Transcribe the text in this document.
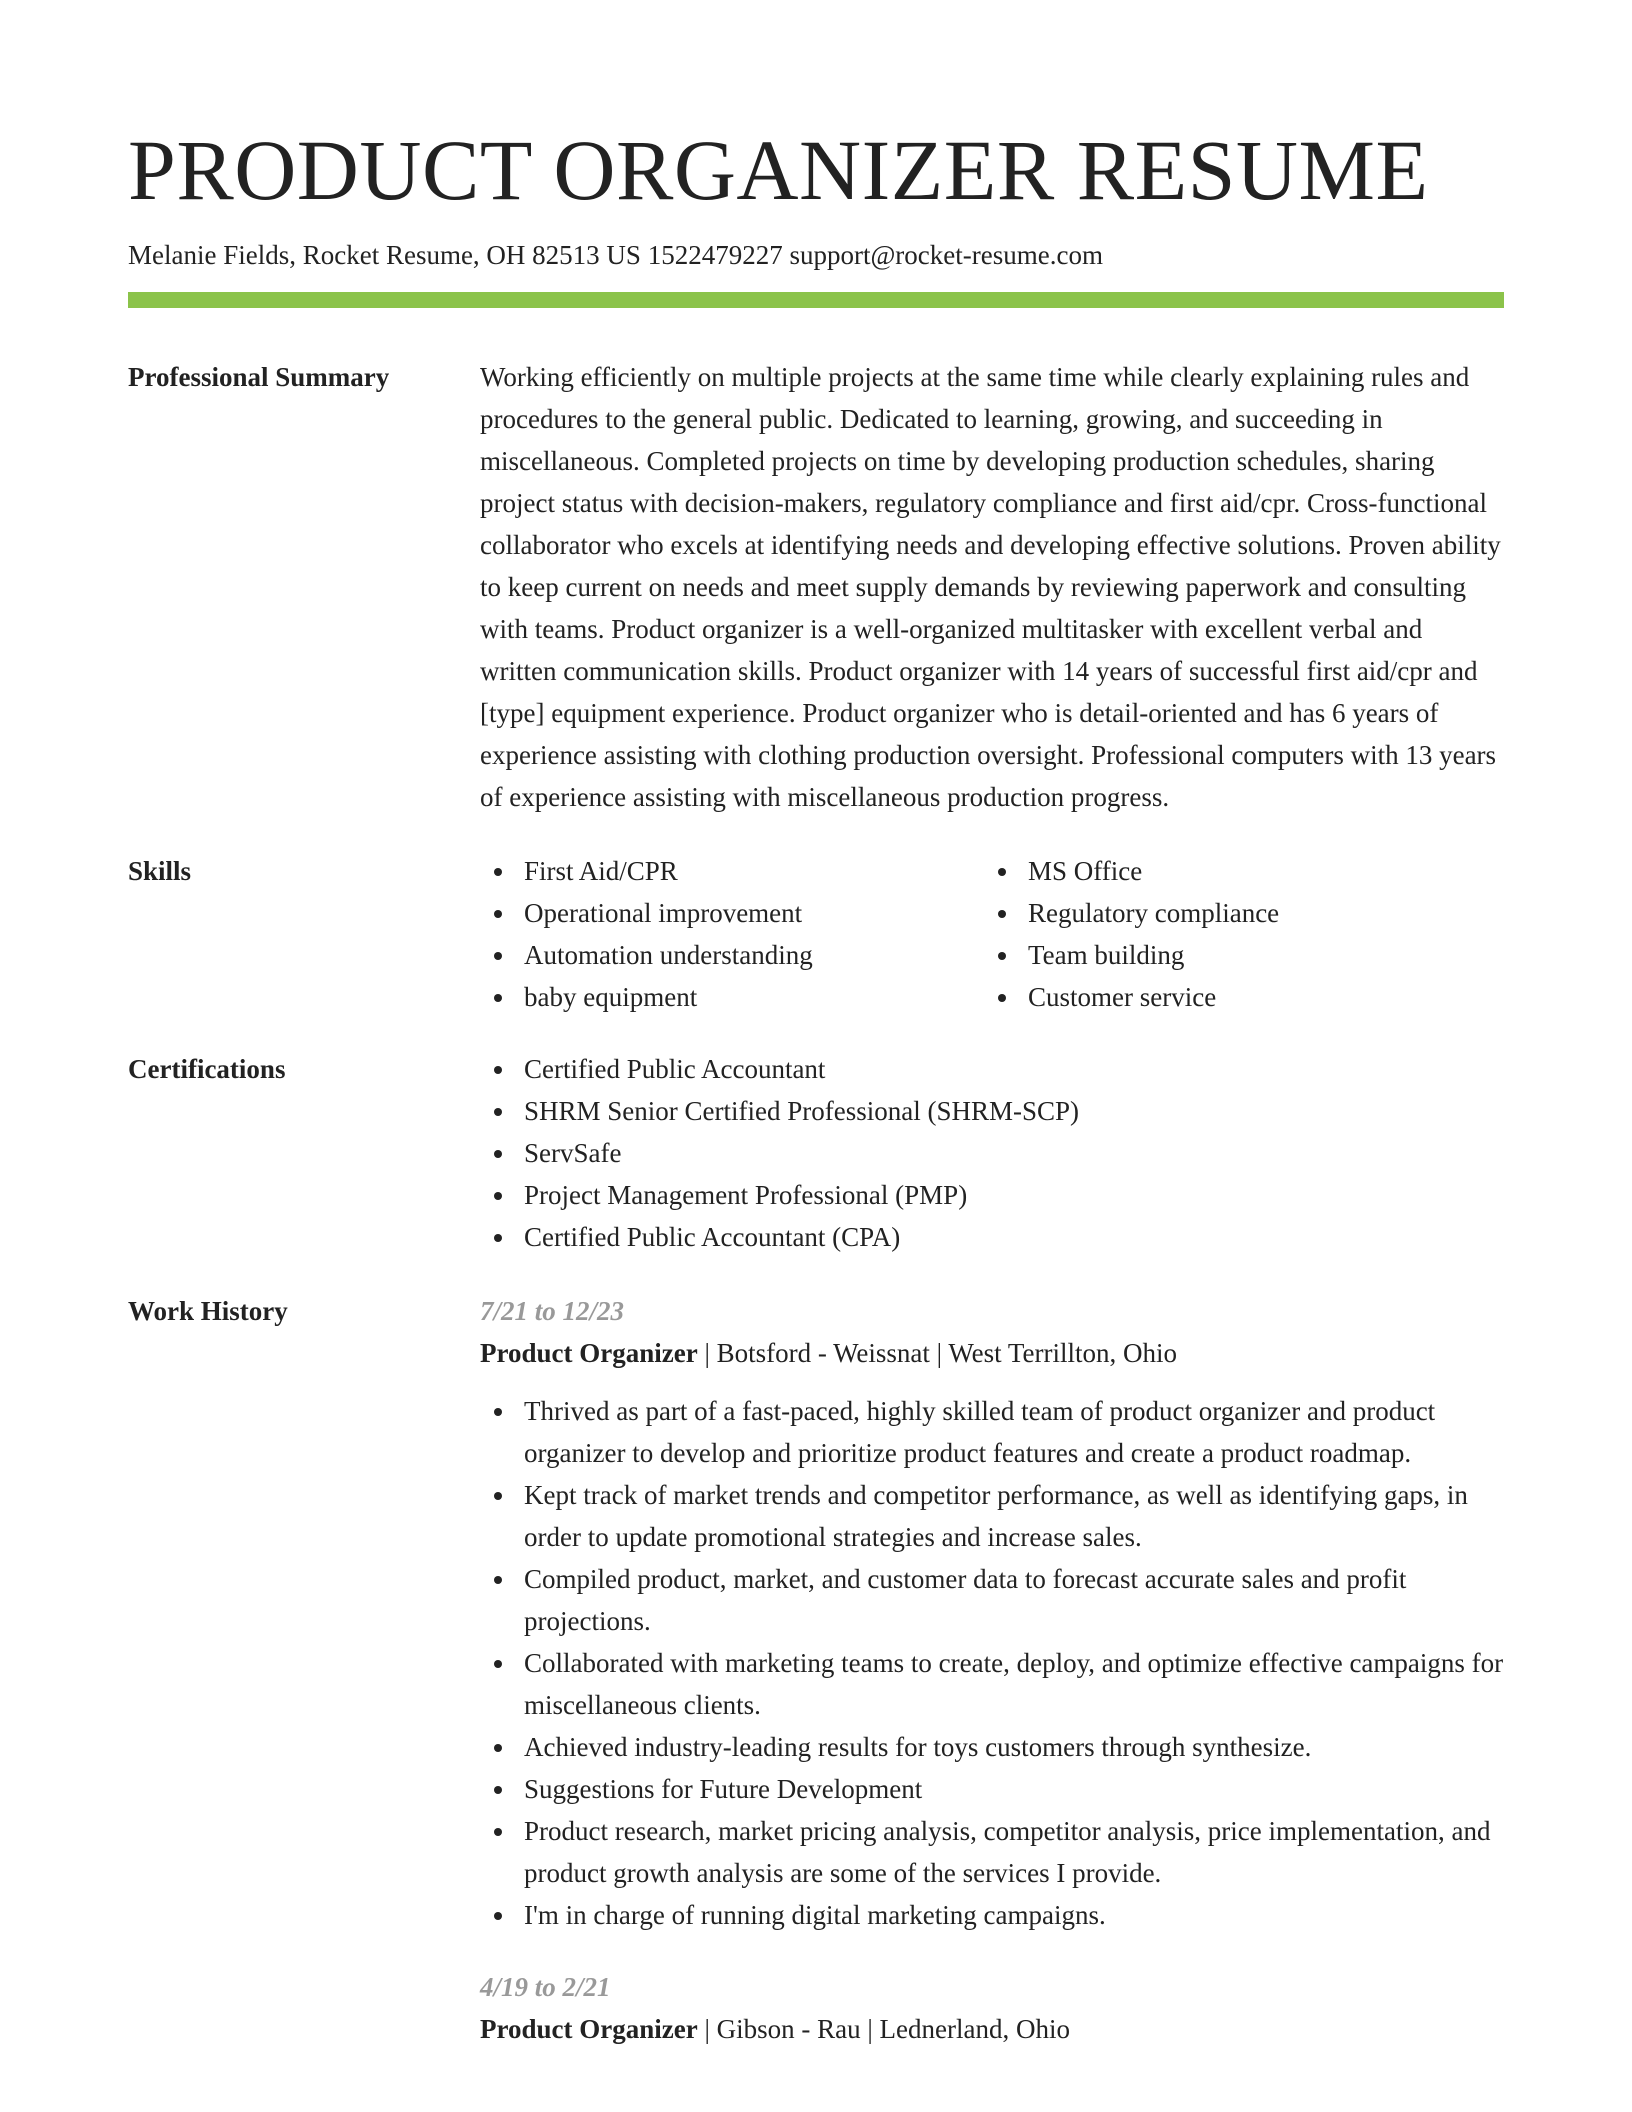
PRODUCT ORGANIZER RESUME
Melanie Fields, Rocket Resume, OH 82513 US 1522479227 support@rocket-resume.com
Professional Summary	Working efficiently on multiple projects at the same time while clearly explaining rules and procedures to the general public. Dedicated to learning, growing, and succeeding in miscellaneous. Completed projects on time by developing production schedules, sharing project status with decision-makers, regulatory compliance and first aid/cpr. Cross-functional collaborator who excels at identifying needs and developing effective solutions. Proven ability to keep current on needs and meet supply demands by reviewing paperwork and consulting with teams. Product organizer is a well-organized multitasker with excellent verbal and written communication skills. Product organizer with 14 years of successful first aid/cpr and [type] equipment experience. Product organizer who is detail-oriented and has 6 years of experience assisting with clothing production oversight. Professional computers with 13 years of experience assisting with miscellaneous production progress.
Skills	First Aid/CPR
Operational improvement
Automation understanding
baby equipment
MS Office
Regulatory compliance
Team building
Customer service
Certifications	Certified Public Accountant
SHRM Senior Certified Professional (SHRM-SCP)
ServSafe
Project Management Professional (PMP)
Certified Public Accountant (CPA)
Work History	7/21 to 12/23
Product Organizer | Botsford - Weissnat | West Terrillton, Ohio
Thrived as part of a fast-paced, highly skilled team of product organizer and product organizer to develop and prioritize product features and create a product roadmap.
Kept track of market trends and competitor performance, as well as identifying gaps, in order to update promotional strategies and increase sales.
Compiled product, market, and customer data to forecast accurate sales and profit projections.
Collaborated with marketing teams to create, deploy, and optimize effective campaigns for miscellaneous clients.
Achieved industry-leading results for toys customers through synthesize.
Suggestions for Future Development
Product research, market pricing analysis, competitor analysis, price implementation, and product growth analysis are some of the services I provide.
I'm in charge of running digital marketing campaigns.
4/19 to 2/21
Product Organizer | Gibson - Rau | Lednerland, Ohio
